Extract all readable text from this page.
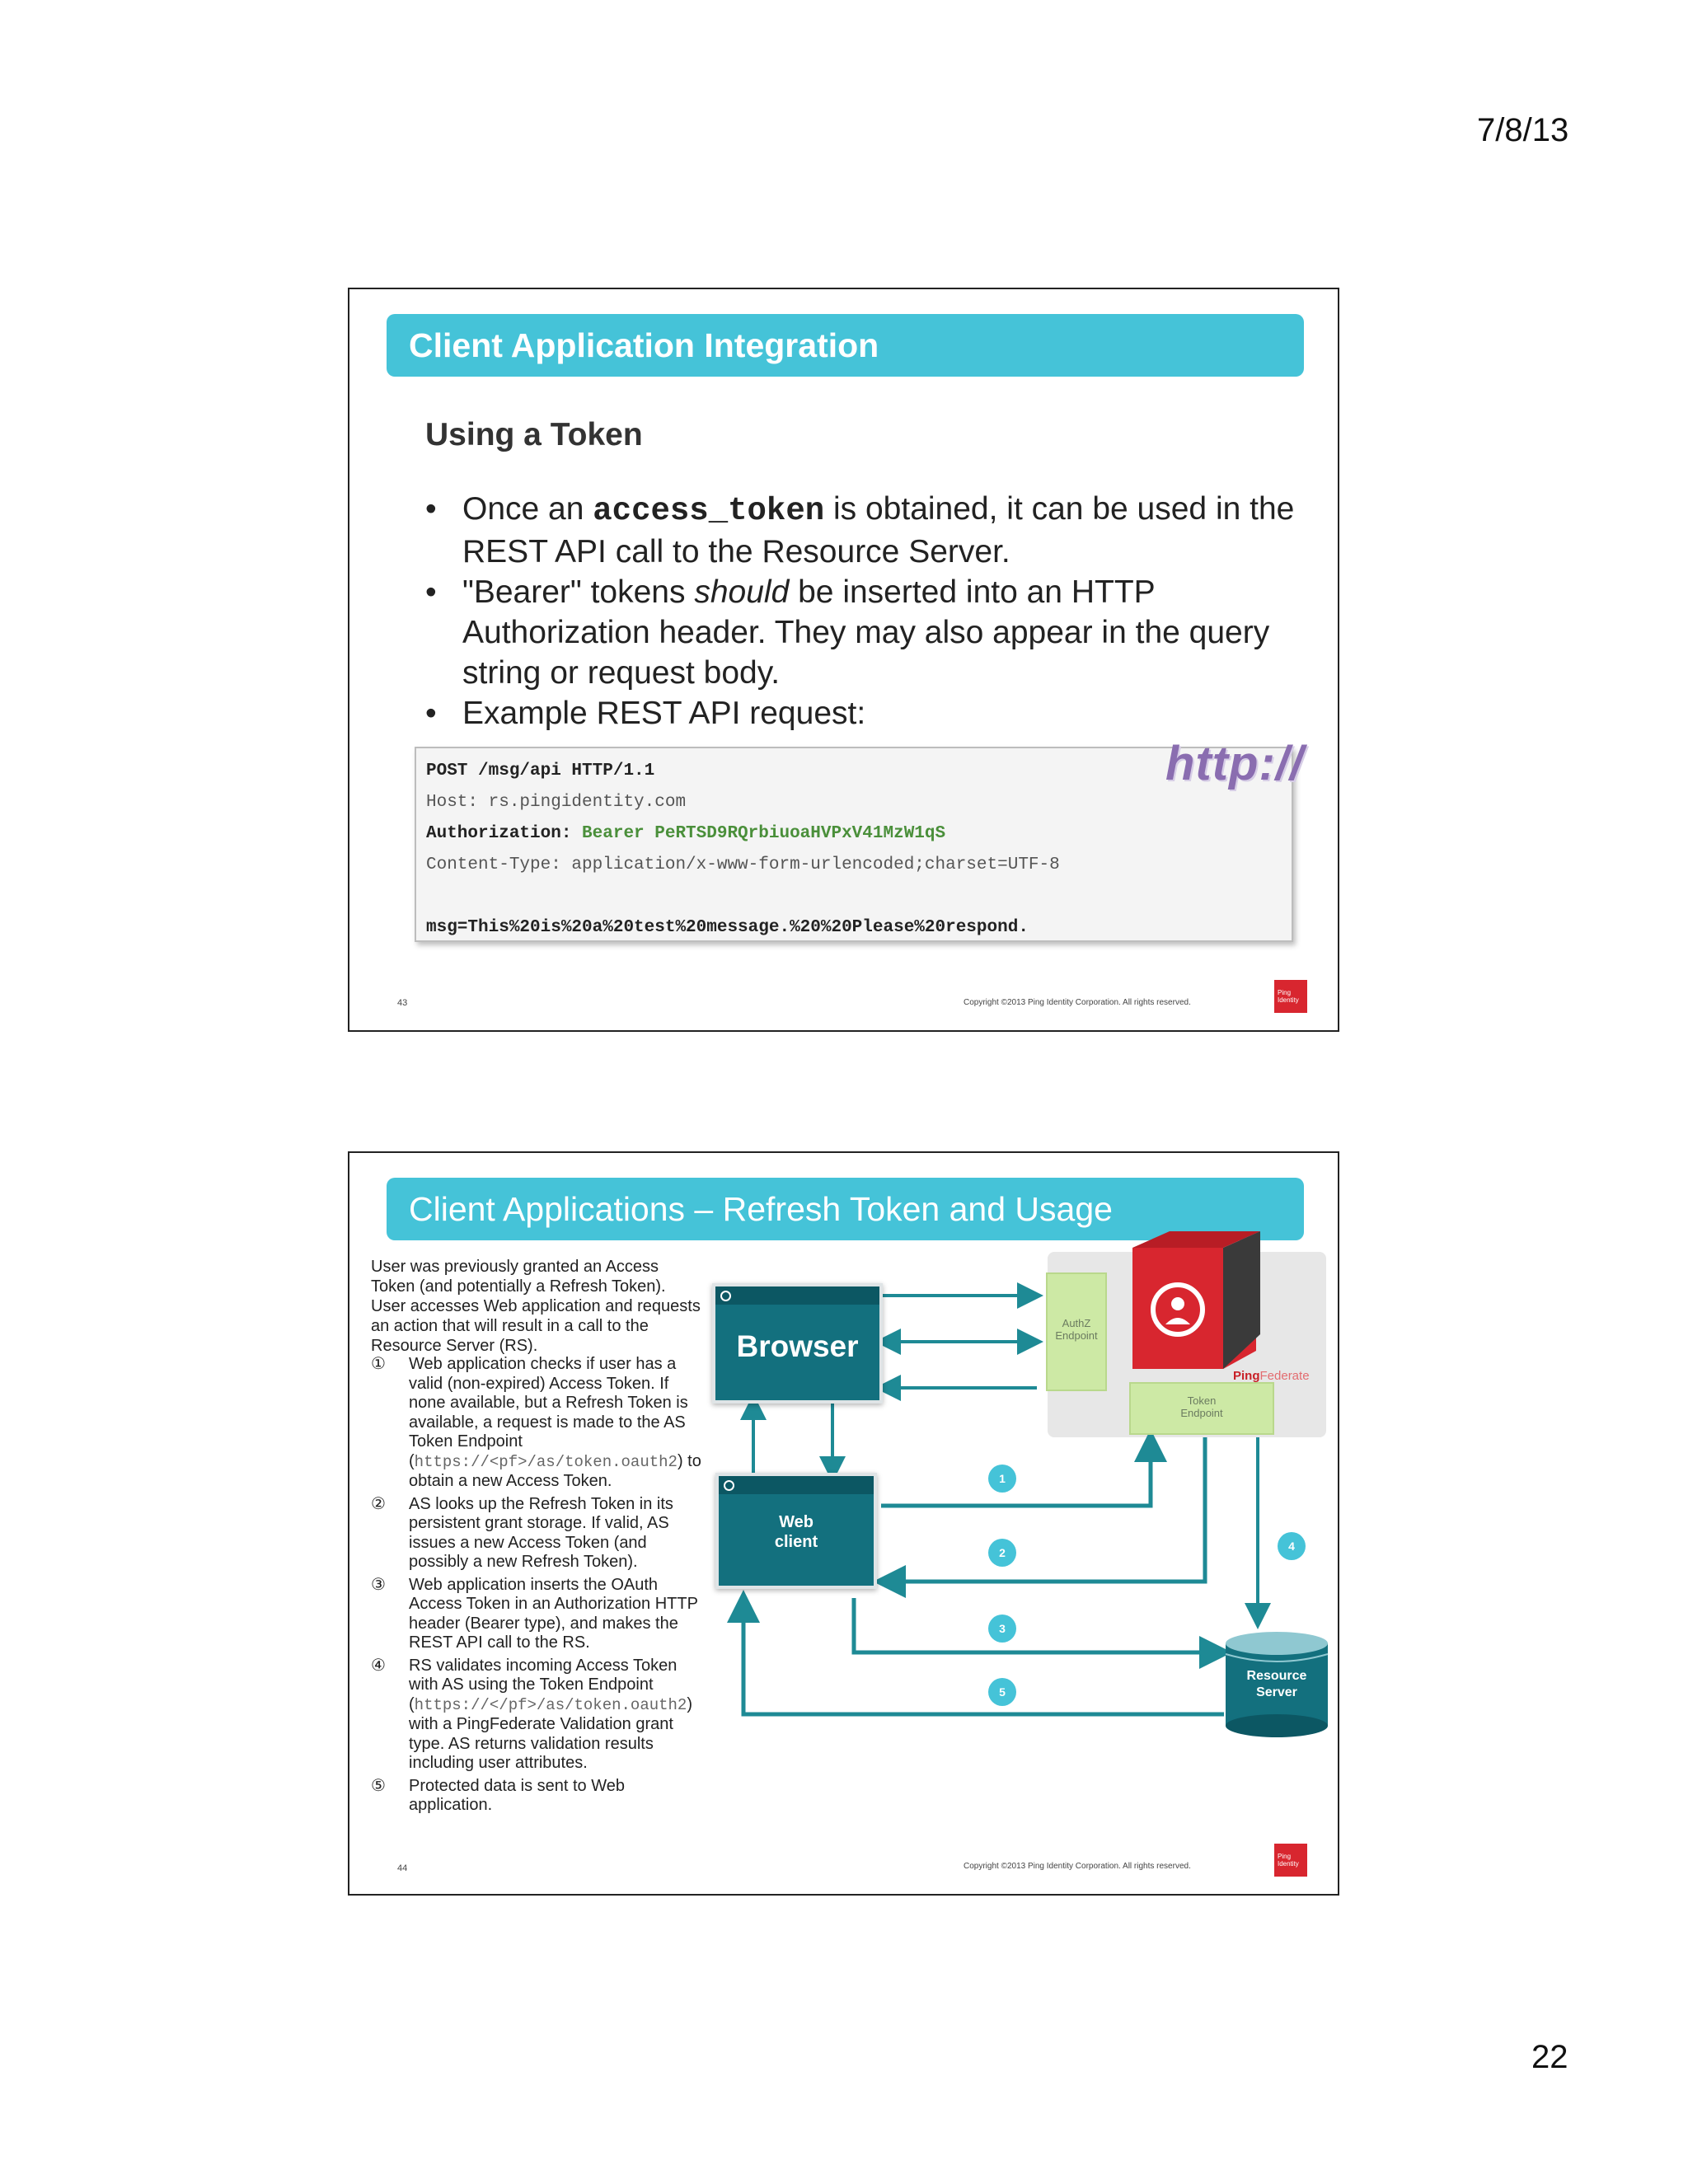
7/8/13
Client Application Integration
Using a Token
• Once an access_token is obtained, it can be used in the REST API call to the Resource Server.
• "Bearer" tokens should be inserted into an HTTP Authorization header. They may also appear in the query string or request body.
• Example REST API request:
POST /msg/api HTTP/1.1
Host: rs.pingidentity.com
Authorization: Bearer PeRTSD9RQrbiuoaHVPxV41MzW1qS
Content-Type: application/x-www-form-urlencoded;charset=UTF-8
msg=This%20is%20a%20test%20message.%20%20Please%20respond.
http://
43	Copyright ©2013 Ping Identity Corporation. All rights reserved.
Ping
Identity
Client Applications – Refresh Token and Usage
User was previously granted an Access Token (and potentially a Refresh Token). User accesses Web application and requests an action that will result in a call to the Resource Server (RS).
① Web application checks if user has a valid (non-expired) Access Token. If none available, but a Refresh Token is available, a request is made to the AS Token Endpoint (https://<pf>/as/token.oauth2) to obtain a new Access Token.
② AS looks up the Refresh Token in its persistent grant storage. If valid, AS issues a new Access Token (and possibly a new Refresh Token).
③ Web application inserts the OAuth Access Token in an Authorization HTTP header (Bearer type), and makes the REST API call to the RS.
④ RS validates incoming Access Token with AS using the Token Endpoint (https://</pf>/as/token.oauth2) with a PingFederate Validation grant type. AS returns validation results including user attributes.
⑤ Protected data is sent to Web application.
Browser
Web
client
AuthZ
Endpoint
Token
Endpoint
PingFederate
Resource
Server
1
2	4
3
5
44	Copyright ©2013 Ping Identity Corporation. All rights reserved.
Ping
Identity
22
